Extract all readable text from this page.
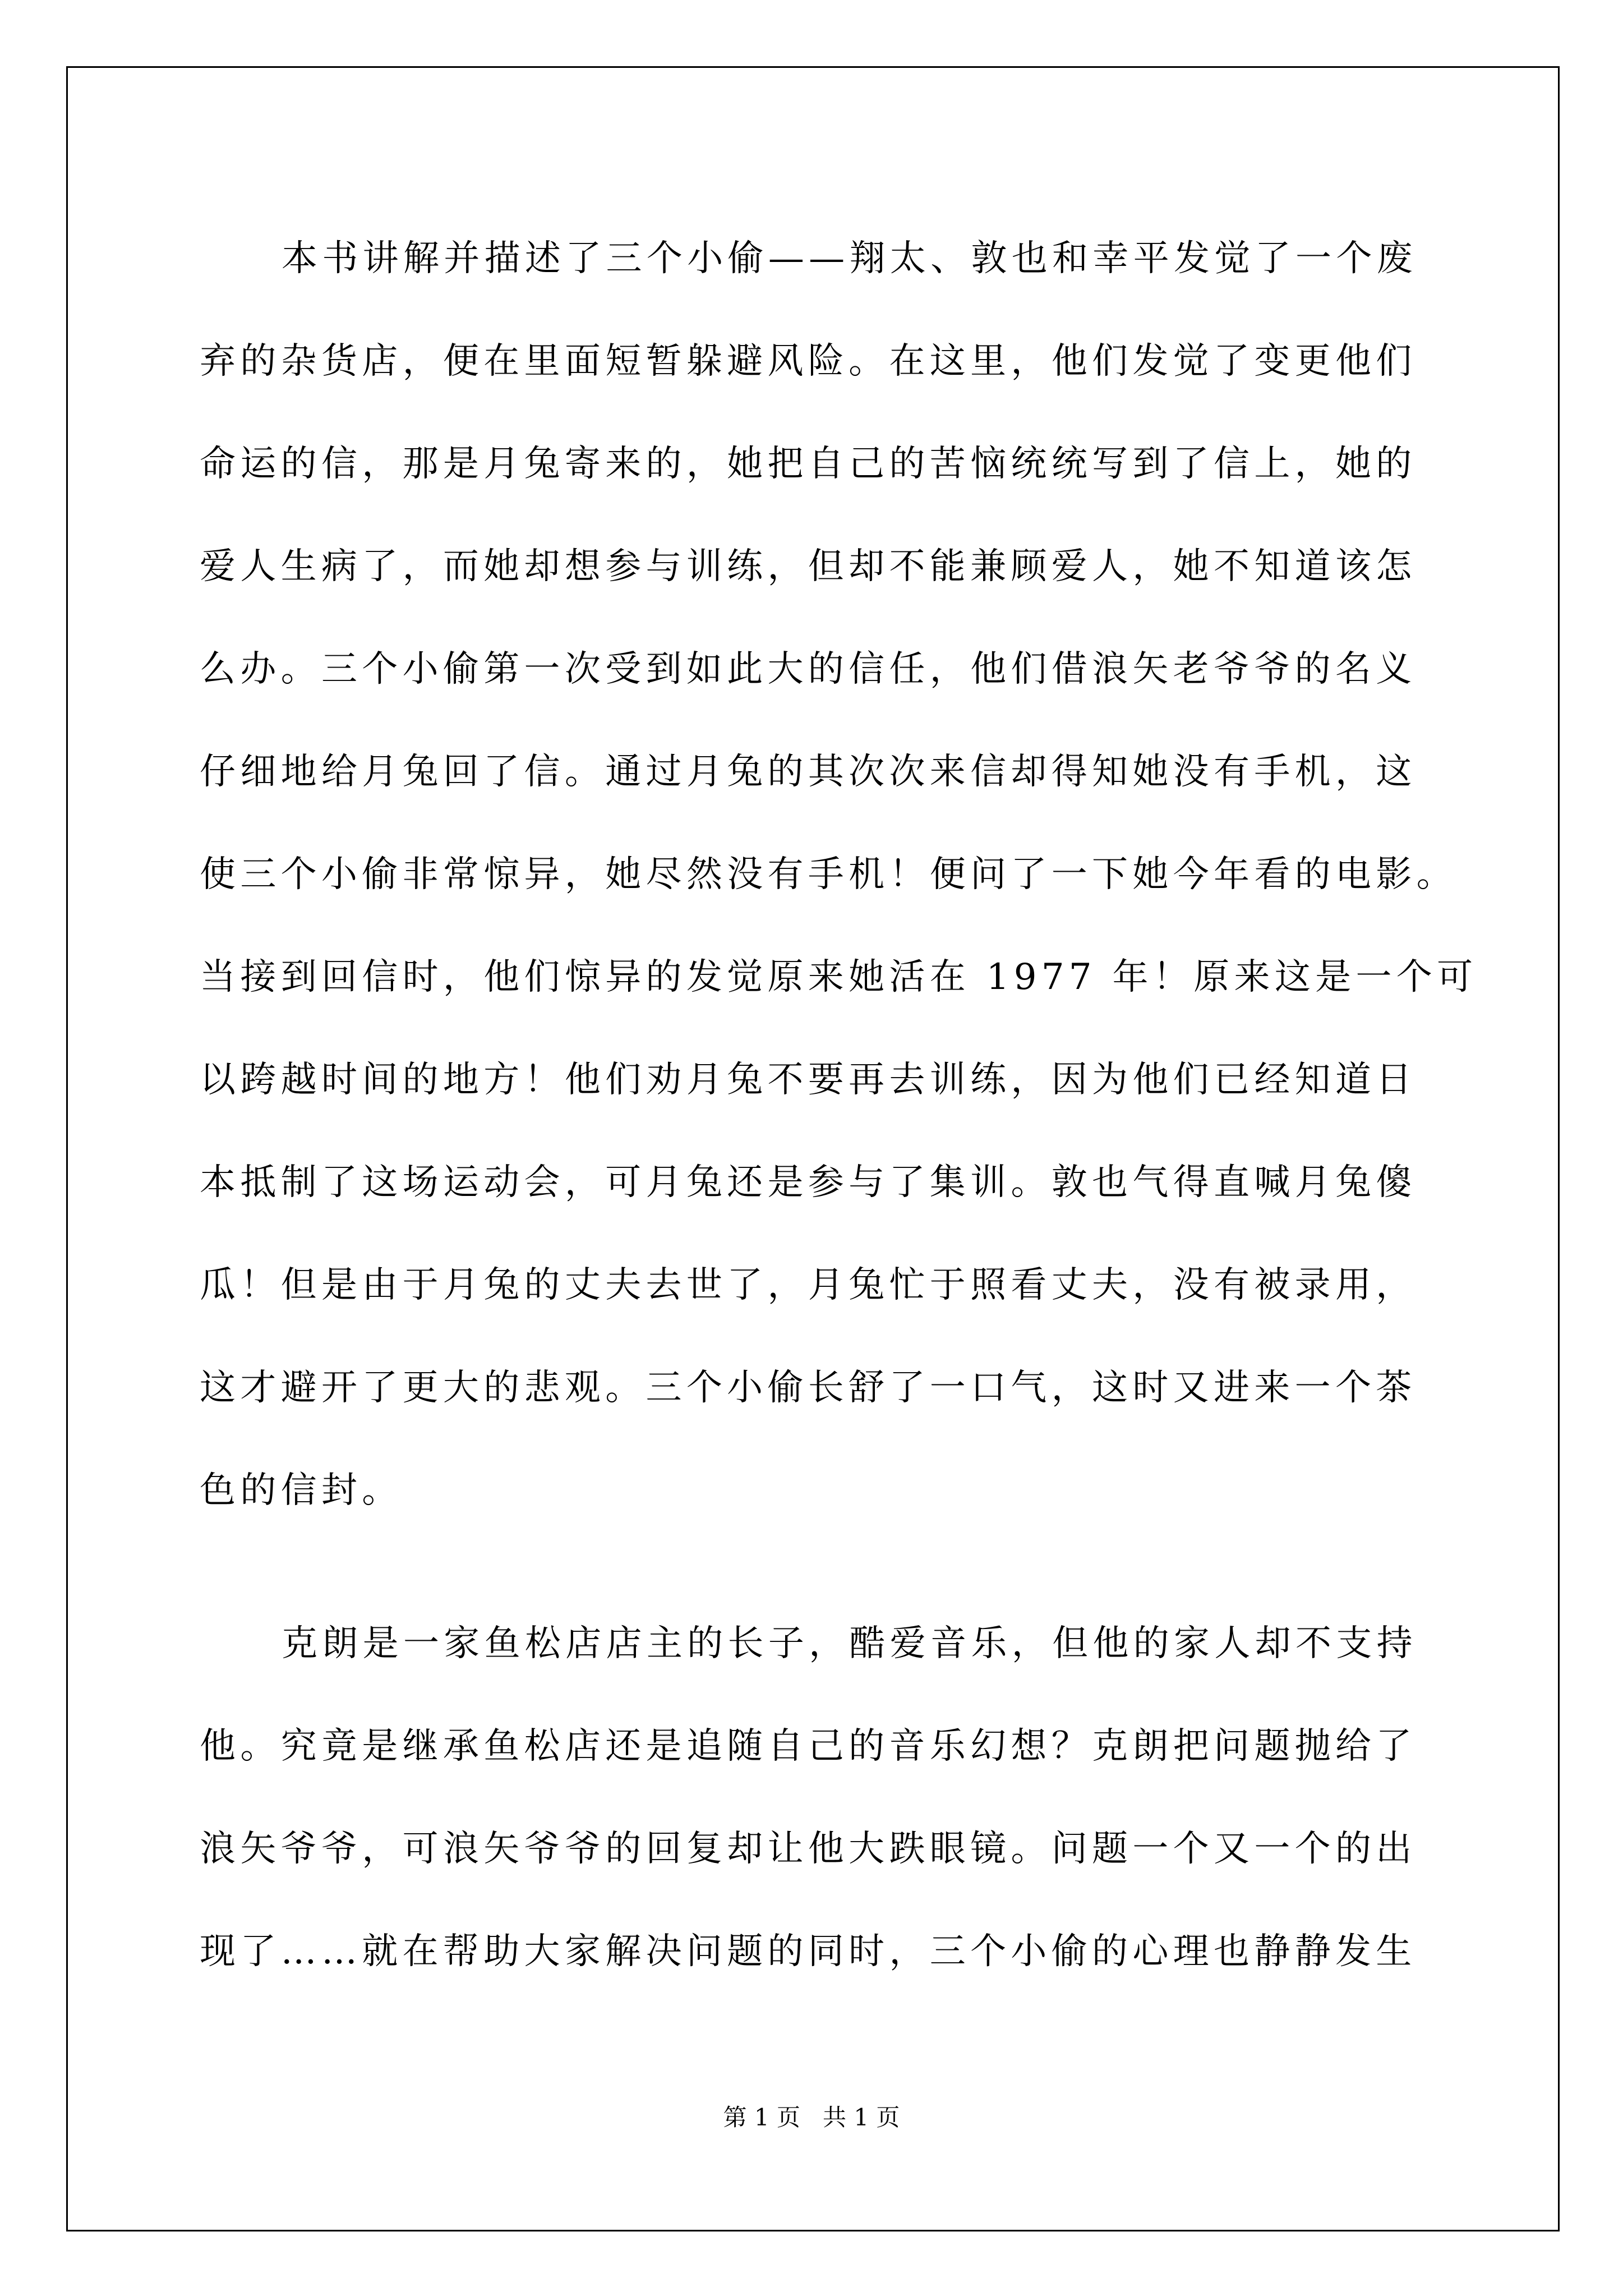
本书讲解并描述了三个小偷——翔太、敦也和幸平发觉了一个废
弃的杂货店，便在里面短暂躲避风险。在这里，他们发觉了变更他们
命运的信，那是月兔寄来的，她把自己的苦恼统统写到了信上，她的
爱人生病了，而她却想参与训练，但却不能兼顾爱人，她不知道该怎
么办。三个小偷第一次受到如此大的信任，他们借浪矢老爷爷的名义
仔细地给月兔回了信。通过月兔的其次次来信却得知她没有手机，这
使三个小偷非常惊异，她尽然没有手机！便问了一下她今年看的电影。
当接到回信时，他们惊异的发觉原来她活在 1977 年！原来这是一个可
以跨越时间的地方！他们劝月兔不要再去训练，因为他们已经知道日
本抵制了这场运动会，可月兔还是参与了集训。敦也气得直喊月兔傻
瓜！但是由于月兔的丈夫去世了，月兔忙于照看丈夫，没有被录用，
这才避开了更大的悲观。三个小偷长舒了一口气，这时又进来一个茶
色的信封。
克朗是一家鱼松店店主的长子，酷爱音乐，但他的家人却不支持
他。究竟是继承鱼松店还是追随自己的音乐幻想？克朗把问题抛给了
浪矢爷爷，可浪矢爷爷的回复却让他大跌眼镜。问题一个又一个的出
现了……就在帮助大家解决问题的同时，三个小偷的心理也静静发生
第 1 页 共 1 页
